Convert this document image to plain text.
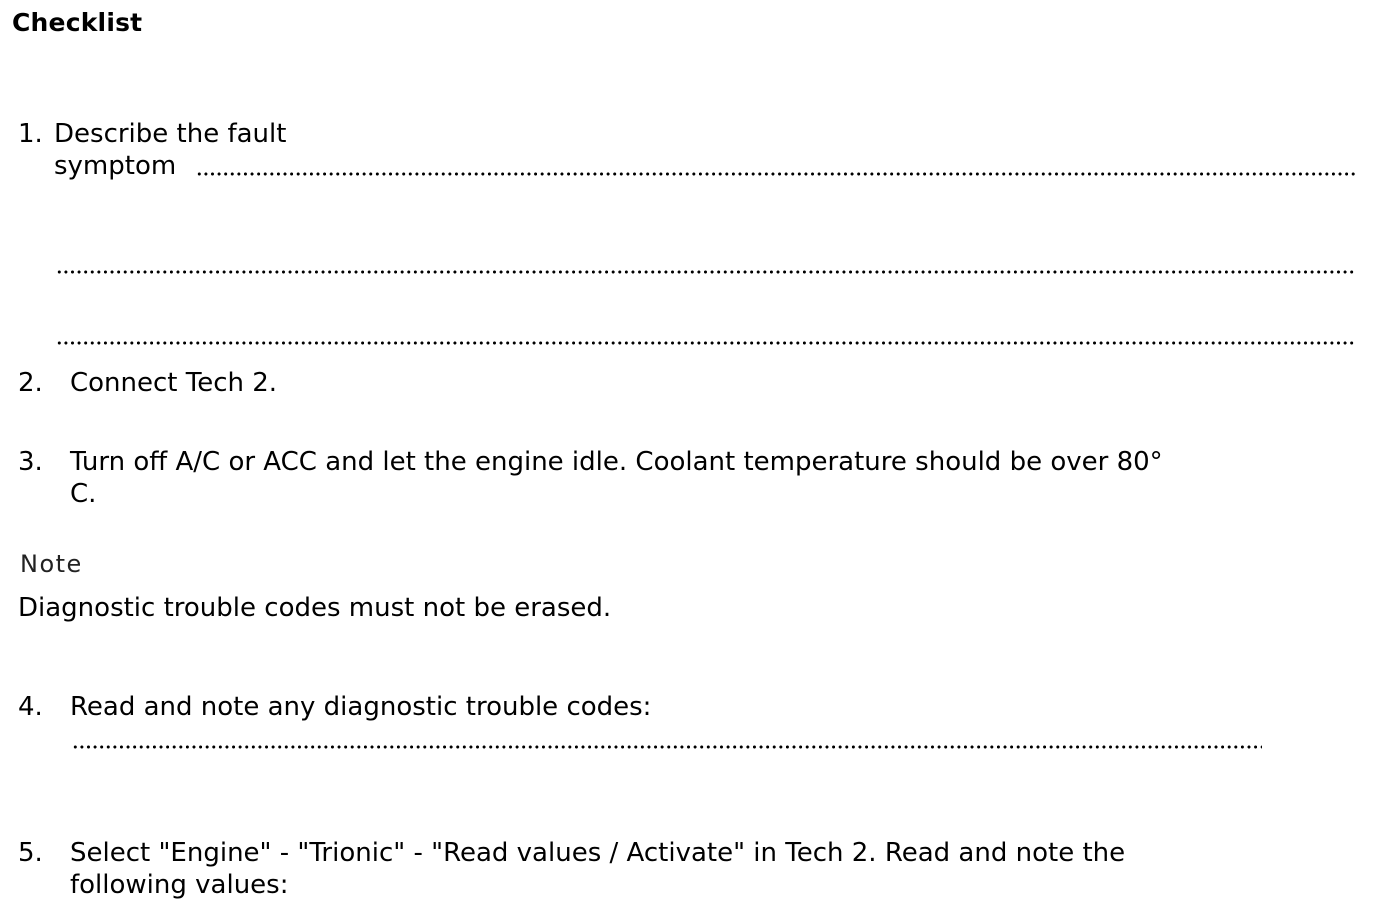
Checklist
1. Describe the fault
symptom
2. Connect Tech 2.
3. Turn off A/C or ACC and let the engine idle. Coolant temperature should be over 80°
C.
Note
Diagnostic trouble codes must not be erased.
4. Read and note any diagnostic trouble codes:
5. Select "Engine" - "Trionic" - "Read values / Activate" in Tech 2. Read and note the
following values:
